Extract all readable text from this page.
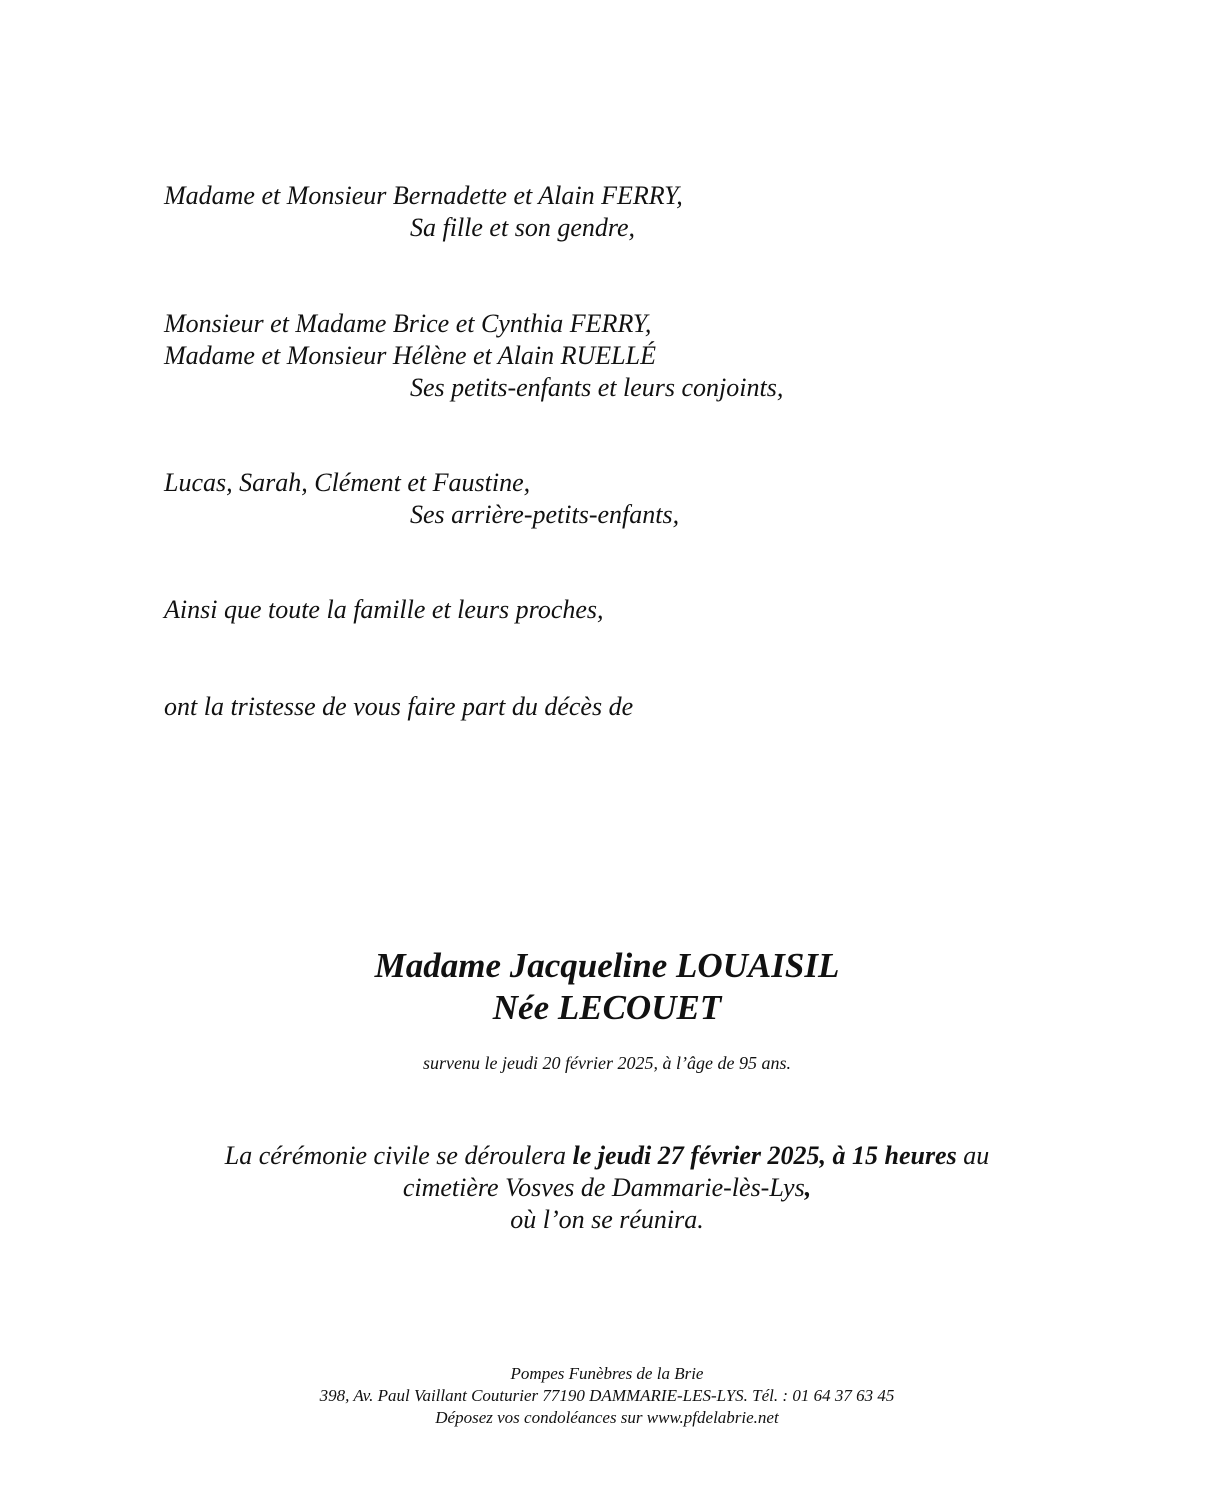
Madame et Monsieur Bernadette et Alain FERRY,
Sa fille et son gendre,
Monsieur et Madame Brice et Cynthia FERRY,
Madame et Monsieur Hélène et Alain RUELLÉ
Ses petits-enfants et leurs conjoints,
Lucas, Sarah, Clément et Faustine,
Ses arrière-petits-enfants,
Ainsi que toute la famille et leurs proches,
ont la tristesse de vous faire part du décès de
Madame Jacqueline LOUAISIL
Née LECOUET
survenu le jeudi 20 février 2025, à l’âge de 95 ans.
La cérémonie civile se déroulera le jeudi 27 février 2025, à 15 heures au
cimetière Vosves de Dammarie-lès-Lys,
où l’on se réunira.
Pompes Funèbres de la Brie
398, Av. Paul Vaillant Couturier 77190 DAMMARIE-LES-LYS. Tél. : 01 64 37 63 45
Déposez vos condoléances sur www.pfdelabrie.net
